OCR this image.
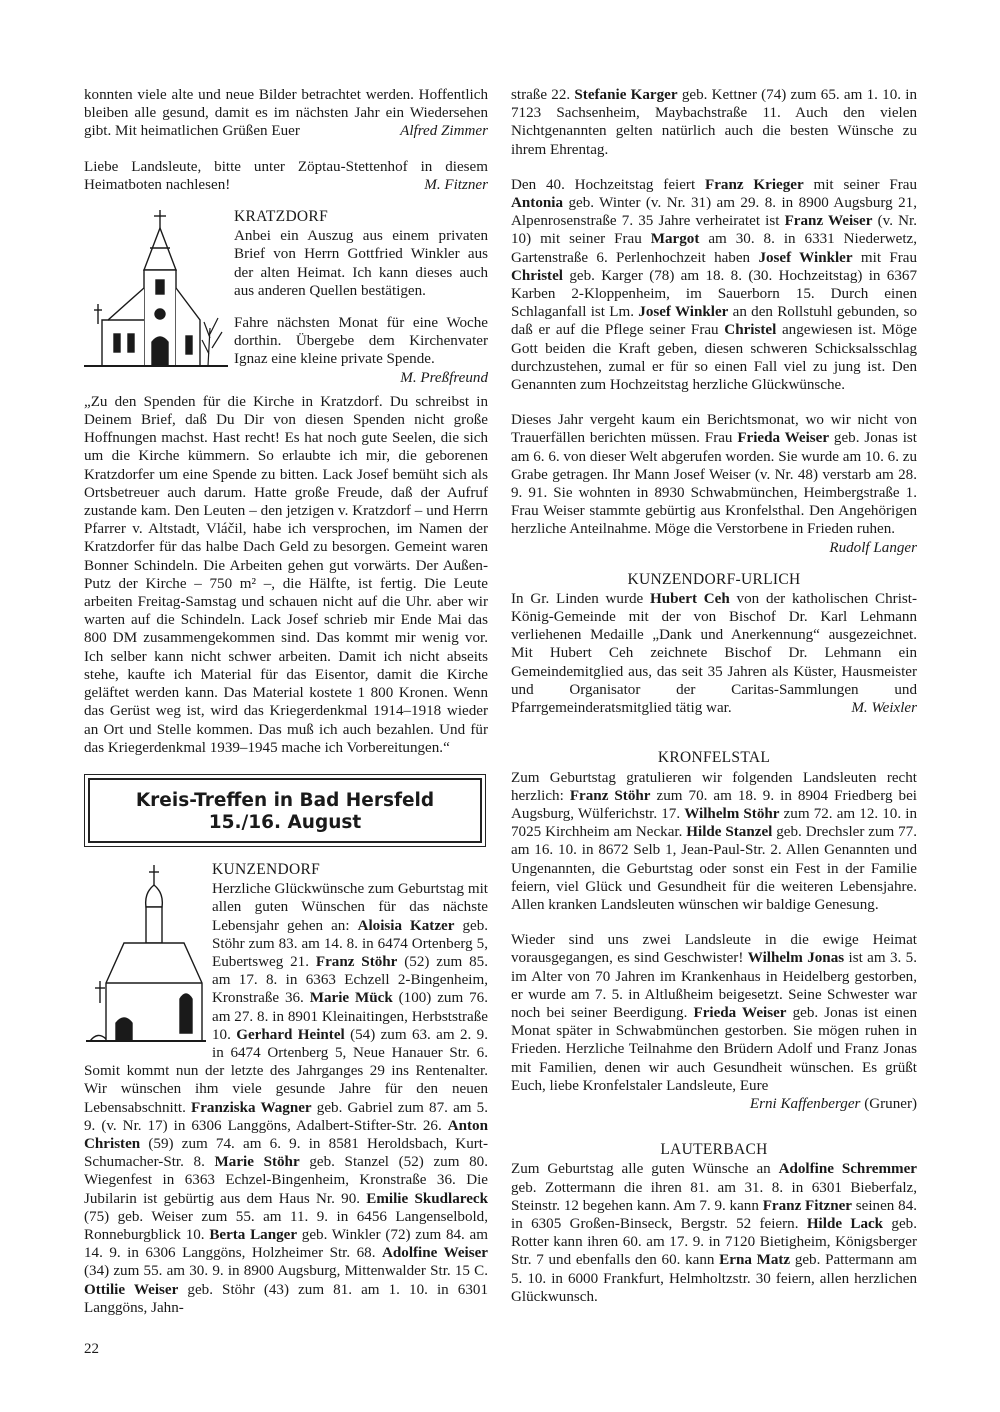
konnten viele alte und neue Bilder betrachtet werden. Hoffentlich bleiben alle gesund, damit es im nächsten Jahr ein Wiedersehen gibt. Mit heimatlichen Grüßen Euer	Alfred Zimmer

Liebe Landsleute, bitte unter Zöptau-Stettenhof in diesem Heimatboten nachlesen!	M. Fitzner

KRATZDORF

Anbei ein Auszug aus einem privaten Brief von Herrn Gottfried Winkler aus der alten Heimat. Ich kann dieses auch aus anderen Quellen bestätigen.

Fahre nächsten Monat für eine Woche dorthin. Übergebe dem Kirchenvater Ignaz eine kleine private Spende.

M. Preßfreund

„Zu den Spenden für die Kirche in Kratzdorf. Du schreibst in Deinem Brief, daß Du Dir von diesen Spenden nicht große Hoffnungen machst. Hast recht! Es hat noch gute Seelen, die sich um die Kirche kümmern. So erlaubte ich mir, die geborenen Kratzdorfer um eine Spende zu bitten. Lack Josef bemüht sich als Ortsbetreuer auch darum. Hatte große Freude, daß der Aufruf zustande kam. Den Leuten – den jetzigen v. Kratzdorf – und Herrn Pfarrer v. Altstadt, Vláčil, habe ich versprochen, im Namen der Kratzdorfer für das halbe Dach Geld zu besorgen. Gemeint waren Bonner Schindeln. Die Arbeiten gehen gut vorwärts. Der Außen-Putz der Kirche – 750 m² –, die Hälfte, ist fertig. Die Leute arbeiten Freitag-Samstag und schauen nicht auf die Uhr. aber wir warten auf die Schindeln. Lack Josef schrieb mir Ende Mai das 800 DM zusammengekommen sind. Das kommt mir wenig vor. Ich selber kann nicht schwer arbeiten. Damit ich nicht abseits stehe, kaufte ich Material für das Eisentor, damit die Kirche geläftet werden kann. Das Material kostete 1 800 Kronen. Wenn das Gerüst weg ist, wird das Kriegerdenkmal 1914–1918 wieder an Ort und Stelle kommen. Das muß ich auch bezahlen. Und für das Kriegerdenkmal 1939–1945 mache ich Vorbereitungen.“

Kreis-Treffen in Bad Hersfeld
15./16. August
KUNZENDORF

Herzliche Glückwünsche zum Geburtstag mit allen guten Wünschen für das nächste Lebensjahr gehen an: Aloisia Katzer geb. Stöhr zum 83. am 14. 8. in 6474 Ortenberg 5, Eubertsweg 21. Franz Stöhr (52) zum 85. am 17. 8. in 6363 Echzell 2-Bingenheim, Kronstraße 36. Marie Mück (100) zum 76. am 27. 8. in 8901 Kleinaitingen, Herbststraße 10. Gerhard Heintel (54) zum 63. am 2. 9. in 6474 Ortenberg 5, Neue Hanauer Str. 6. Somit kommt nun der letzte des Jahrganges 29 ins Rentenalter. Wir wünschen ihm viele gesunde Jahre für den neuen Lebensabschnitt. Franziska Wagner geb. Gabriel zum 87. am 5. 9. (v. Nr. 17) in 6306 Langgöns, Adalbert-Stifter-Str. 26. Anton Christen (59) zum 74. am 6. 9. in 8581 Heroldsbach, Kurt-Schumacher-Str. 8. Marie Stöhr geb. Stanzel (52) zum 80. Wiegenfest in 6363 Echzel-Bingenheim, Kronstraße 36. Die Jubilarin ist gebürtig aus dem Haus Nr. 90. Emilie Skudlareck (75) geb. Weiser zum 55. am 11. 9. in 6456 Langenselbold, Ronneburgblick 10. Berta Langer geb. Winkler (72) zum 84. am 14. 9. in 6306 Langgöns, Holzheimer Str. 68. Adolfine Weiser (34) zum 55. am 30. 9. in 8900 Augsburg, Mittenwalder Str. 15 C. Ottilie Weiser geb. Stöhr (43) zum 81. am 1. 10. in 6301 Langgöns, Jahn-

straße 22. Stefanie Karger geb. Kettner (74) zum 65. am 1. 10. in 7123 Sachsenheim, Maybachstraße 11. Auch den vielen Nichtgenannten gelten natürlich auch die besten Wünsche zu ihrem Ehrentag.

Den 40. Hochzeitstag feiert Franz Krieger mit seiner Frau Antonia geb. Winter (v. Nr. 31) am 29. 8. in 8900 Augsburg 21, Alpenrosenstraße 7. 35 Jahre verheiratet ist Franz Weiser (v. Nr. 10) mit seiner Frau Margot am 30. 8. in 6331 Niederwetz, Gartenstraße 6. Perlenhochzeit haben Josef Winkler mit Frau Christel geb. Karger (78) am 18. 8. (30. Hochzeitstag) in 6367 Karben 2-Kloppenheim, im Sauerborn 15. Durch einen Schlaganfall ist Lm. Josef Winkler an den Rollstuhl gebunden, so daß er auf die Pflege seiner Frau Christel angewiesen ist. Möge Gott beiden die Kraft geben, diesen schweren Schicksalsschlag durchzustehen, zumal er für so einen Fall viel zu jung ist. Den Genannten zum Hochzeitstag herzliche Glückwünsche.

Dieses Jahr vergeht kaum ein Berichtsmonat, wo wir nicht von Trauerfällen berichten müssen. Frau Frieda Weiser geb. Jonas ist am 6. 6. von dieser Welt abgerufen worden. Sie wurde am 10. 6. zu Grabe getragen. Ihr Mann Josef Weiser (v. Nr. 48) verstarb am 28. 9. 91. Sie wohnten in 8930 Schwabmünchen, Heimbergstraße 1. Frau Weiser stammte gebürtig aus Kronfelsthal. Den Angehörigen herzliche Anteilnahme. Möge die Verstorbene in Frieden ruhen.
Rudolf Langer

KUNZENDORF-URLICH

In Gr. Linden wurde Hubert Ceh von der katholischen Christ-König-Gemeinde mit der von Bischof Dr. Karl Lehmann verliehenen Medaille „Dank und Anerkennung“ ausgezeichnet. Mit Hubert Ceh zeichnete Bischof Dr. Lehmann ein Gemeindemitglied aus, das seit 35 Jahren als Küster, Hausmeister und Organisator der Caritas-Sammlungen und Pfarrgemeinderatsmitglied tätig war.	M. Weixler

KRONFELSTAL

Zum Geburtstag gratulieren wir folgenden Landsleuten recht herzlich: Franz Stöhr zum 70. am 18. 9. in 8904 Friedberg bei Augsburg, Wülferichstr. 17. Wilhelm Stöhr zum 72. am 12. 10. in 7025 Kirchheim am Neckar. Hilde Stanzel geb. Drechsler zum 77. am 16. 10. in 8672 Selb 1, Jean-Paul-Str. 2. Allen Genannten und Ungenannten, die Geburtstag oder sonst ein Fest in der Familie feiern, viel Glück und Gesundheit für die weiteren Lebensjahre. Allen kranken Landsleuten wünschen wir baldige Genesung.

Wieder sind uns zwei Landsleute in die ewige Heimat vorausgegangen, es sind Geschwister! Wilhelm Jonas ist am 3. 5. im Alter von 70 Jahren im Krankenhaus in Heidelberg gestorben, er wurde am 7. 5. in Altlußheim beigesetzt. Seine Schwester war noch bei seiner Beerdigung. Frieda Weiser geb. Jonas ist einen Monat später in Schwabmünchen gestorben. Sie mögen ruhen in Frieden. Herzliche Teilnahme den Brüdern Adolf und Franz Jonas mit Familien, denen wir auch Gesundheit wünschen. Es grüßt Euch, liebe Kronfelstaler Landsleute, Eure

Erni Kaffenberger (Gruner)
LAUTERBACH

Zum Geburtstag alle guten Wünsche an Adolfine Schremmer geb. Zottermann die ihren 81. am 31. 8. in 6301 Bieberfalz, Steinstr. 12 begehen kann. Am 7. 9. kann Franz Fitzner seinen 84. in 6305 Großen-Binseck, Bergstr. 52 feiern. Hilde Lack geb. Rotter kann ihren 60. am 17. 9. in 7120 Bietigheim, Königsberger Str. 7 und ebenfalls den 60. kann Erna Matz geb. Pattermann am 5. 10. in 6000 Frankfurt, Helmholtzstr. 30 feiern, allen herzlichen Glückwunsch.

22
